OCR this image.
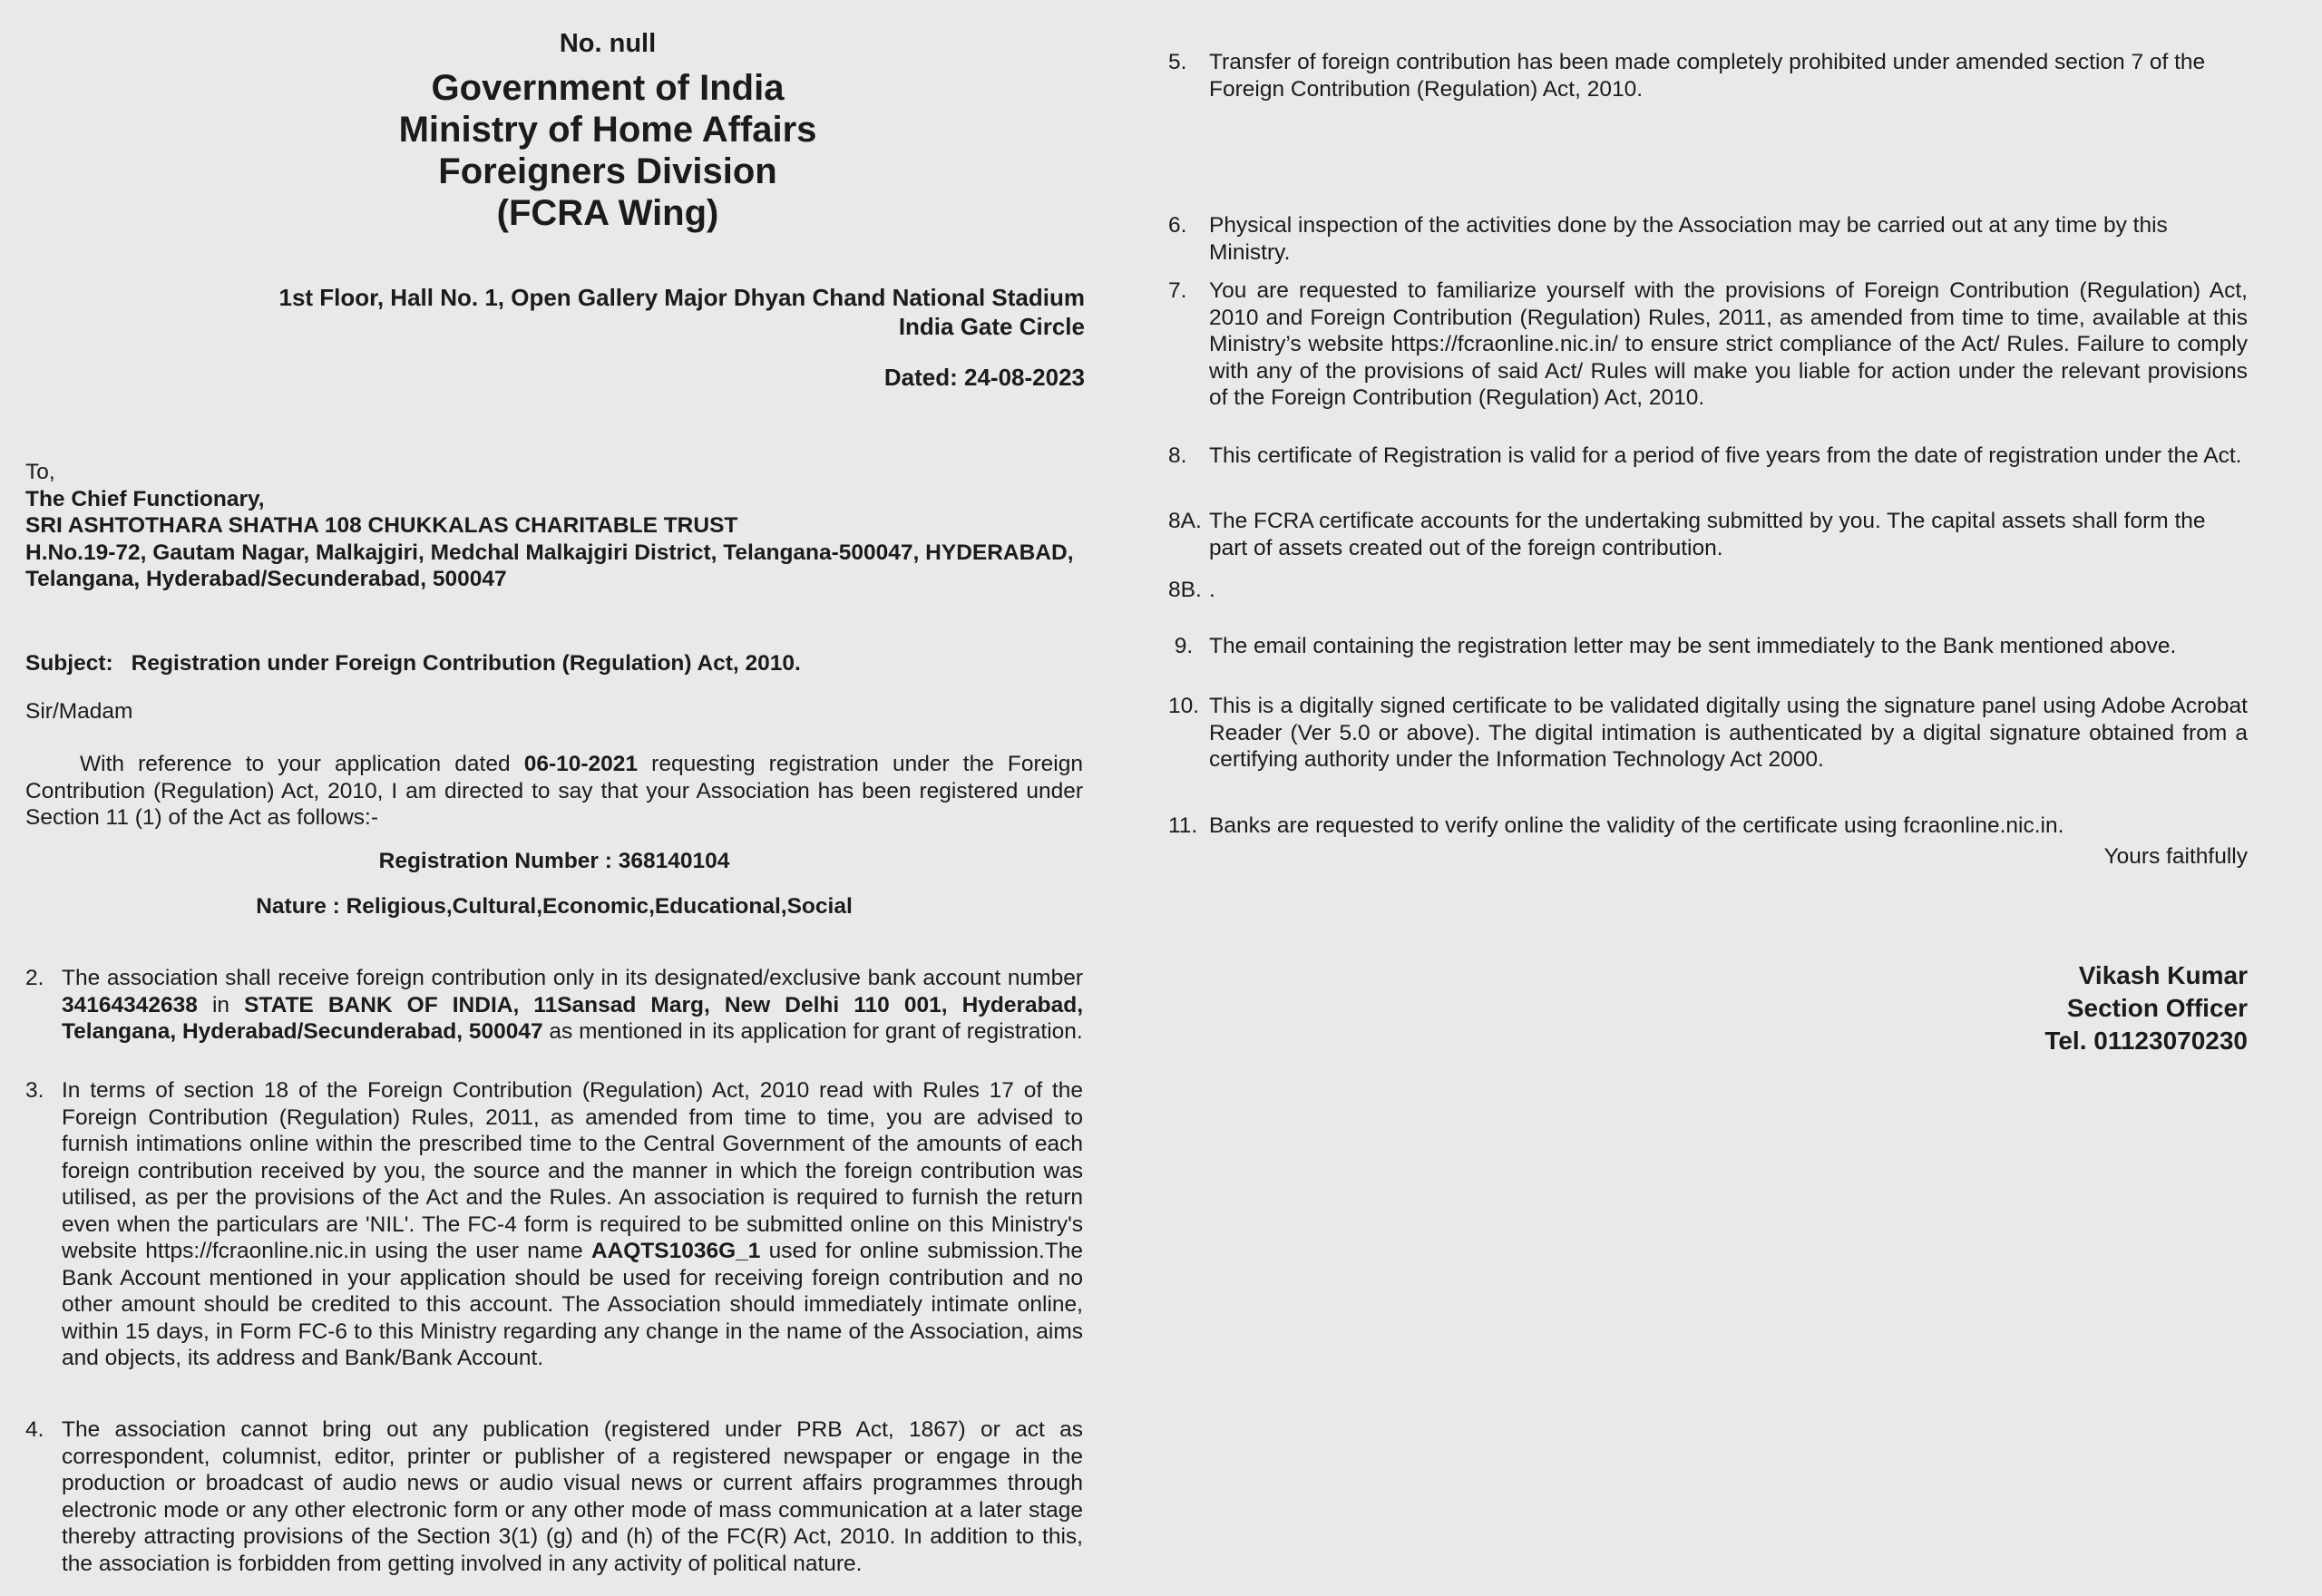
No. null
Government of India
Ministry of Home Affairs
Foreigners Division
(FCRA Wing)
1st Floor, Hall No. 1, Open Gallery Major Dhyan Chand National Stadium
India Gate Circle
Dated: 24-08-2023
To,
The Chief Functionary,
SRI ASHTOTHARA SHATHA 108 CHUKKALAS CHARITABLE TRUST
H.No.19-72, Gautam Nagar, Malkajgiri, Medchal Malkajgiri District, Telangana-500047, HYDERABAD,
Telangana, Hyderabad/Secunderabad, 500047
Subject: Registration under Foreign Contribution (Regulation) Act, 2010.
Sir/Madam
With reference to your application dated 06-10-2021 requesting registration under the Foreign Contribution (Regulation) Act, 2010, I am directed to say that your Association has been registered under Section 11 (1) of the Act as follows:-
Registration Number : 368140104
Nature : Religious,Cultural,Economic,Educational,Social
2. The association shall receive foreign contribution only in its designated/exclusive bank account number 34164342638 in STATE BANK OF INDIA, 11Sansad Marg, New Delhi 110 001, Hyderabad, Telangana, Hyderabad/Secunderabad, 500047 as mentioned in its application for grant of registration.
3. In terms of section 18 of the Foreign Contribution (Regulation) Act, 2010 read with Rules 17 of the Foreign Contribution (Regulation) Rules, 2011, as amended from time to time, you are advised to furnish intimations online within the prescribed time to the Central Government of the amounts of each foreign contribution received by you, the source and the manner in which the foreign contribution was utilised, as per the provisions of the Act and the Rules. An association is required to furnish the return even when the particulars are 'NIL'. The FC-4 form is required to be submitted online on this Ministry's website https://fcraonline.nic.in using the user name AAQTS1036G_1 used for online submission.The Bank Account mentioned in your application should be used for receiving foreign contribution and no other amount should be credited to this account. The Association should immediately intimate online, within 15 days, in Form FC-6 to this Ministry regarding any change in the name of the Association, aims and objects, its address and Bank/Bank Account.
4. The association cannot bring out any publication (registered under PRB Act, 1867) or act as correspondent, columnist, editor, printer or publisher of a registered newspaper or engage in the production or broadcast of audio news or audio visual news or current affairs programmes through electronic mode or any other electronic form or any other mode of mass communication at a later stage thereby attracting provisions of the Section 3(1) (g) and (h) of the FC(R) Act, 2010. In addition to this, the association is forbidden from getting involved in any activity of political nature.
5.	Transfer of foreign contribution has been made completely prohibited under amended section 7 of the Foreign Contribution (Regulation) Act, 2010.
6.	Physical inspection of the activities done by the Association may be carried out at any time by this Ministry.
7.	You are requested to familiarize yourself with the provisions of Foreign Contribution (Regulation) Act, 2010 and Foreign Contribution (Regulation) Rules, 2011, as amended from time to time, available at this Ministry’s website https://fcraonline.nic.in/ to ensure strict compliance of the Act/ Rules. Failure to comply with any of the provisions of said Act/ Rules will make you liable for action under the relevant provisions of the Foreign Contribution (Regulation) Act, 2010.
8.	This certificate of Registration is valid for a period of five years from the date of registration under the Act.
8A. The FCRA certificate accounts for the undertaking submitted by you. The capital assets shall form the part of assets created out of the foreign contribution.
8B. .
9. The email containing the registration letter may be sent immediately to the Bank mentioned above.
10. This is a digitally signed certificate to be validated digitally using the signature panel using Adobe Acrobat Reader (Ver 5.0 or above). The digital intimation is authenticated by a digital signature obtained from a certifying authority under the Information Technology Act 2000.
11. Banks are requested to verify online the validity of the certificate using fcraonline.nic.in.
Yours faithfully
Vikash Kumar
Section Officer
Tel. 01123070230
